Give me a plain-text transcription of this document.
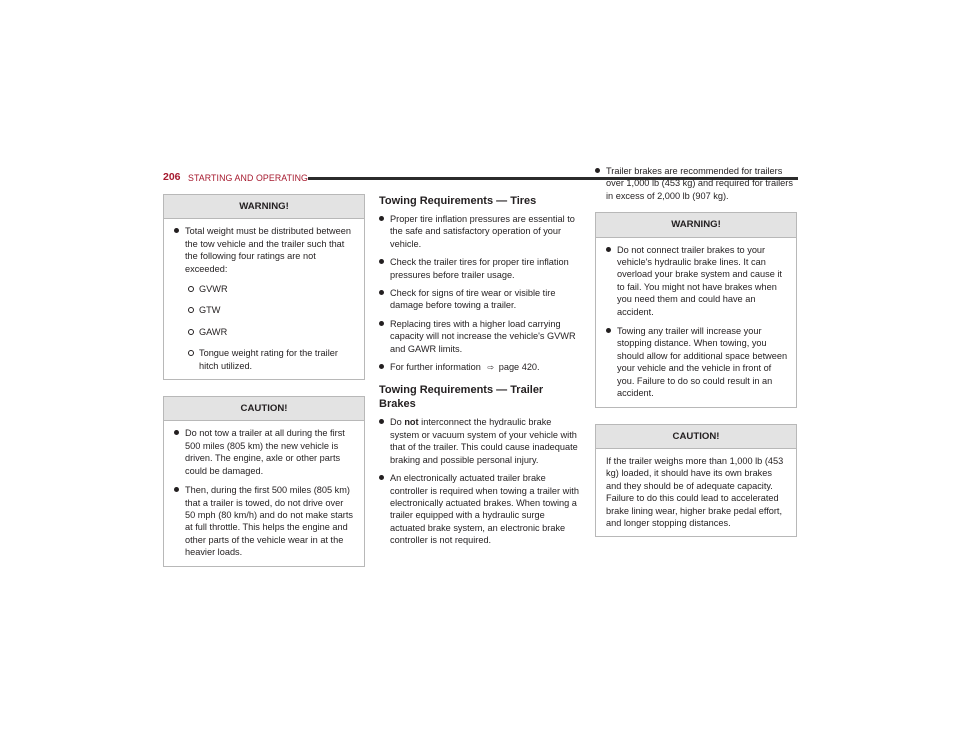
206 STARTING AND OPERATING
WARNING!
Total weight must be distributed between the tow vehicle and the trailer such that the following four ratings are not exceeded:
GVWR
GTW
GAWR
Tongue weight rating for the trailer hitch utilized.
CAUTION!
Do not tow a trailer at all during the first 500 miles (805 km) the new vehicle is driven. The engine, axle or other parts could be damaged.
Then, during the first 500 miles (805 km) that a trailer is towed, do not drive over 50 mph (80 km/h) and do not make starts at full throttle. This helps the engine and other parts of the vehicle wear in at the heavier loads.
Towing Requirements — Tires
Proper tire inflation pressures are essential to the safe and satisfactory operation of your vehicle.
Check the trailer tires for proper tire inflation pressures before trailer usage.
Check for signs of tire wear or visible tire damage before towing a trailer.
Replacing tires with a higher load carrying capacity will not increase the vehicle's GVWR and GAWR limits.
For further information ⇨ page 420.
Towing Requirements — Trailer Brakes
Do not interconnect the hydraulic brake system or vacuum system of your vehicle with that of the trailer. This could cause inadequate braking and possible personal injury.
An electronically actuated trailer brake controller is required when towing a trailer with electronically actuated brakes. When towing a trailer equipped with a hydraulic surge actuated brake system, an electronic brake controller is not required.
Trailer brakes are recommended for trailers over 1,000 lb (453 kg) and required for trailers in excess of 2,000 lb (907 kg).
WARNING!
Do not connect trailer brakes to your vehicle's hydraulic brake lines. It can overload your brake system and cause it to fail. You might not have brakes when you need them and could have an accident.
Towing any trailer will increase your stopping distance. When towing, you should allow for additional space between your vehicle and the vehicle in front of you. Failure to do so could result in an accident.
CAUTION!

If the trailer weighs more than 1,000 lb (453 kg) loaded, it should have its own brakes and they should be of adequate capacity. Failure to do this could lead to accelerated brake lining wear, higher brake pedal effort, and longer stopping distances.
